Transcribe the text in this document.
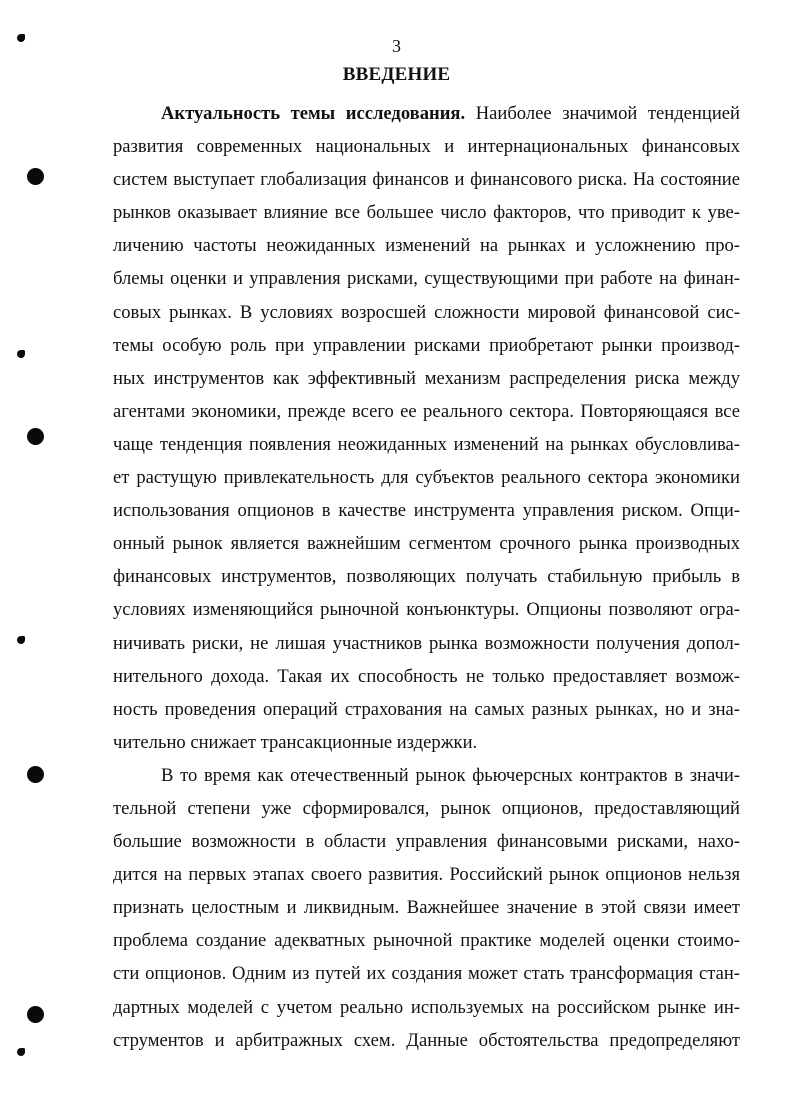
3

ВВЕДЕНИЕ
Актуальность темы исследования. Наиболее значимой тенденцией
развития современных национальных и интернациональных финансовых
систем выступает глобализация финансов и финансового риска. На состояние
рынков оказывает влияние все большее число факторов, что приводит к уве-
личению частоты неожиданных изменений на рынках и усложнению про-
блемы оценки и управления рисками, существующими при работе на финан-
совых рынках. В условиях возросшей сложности мировой финансовой сис-
темы особую роль при управлении рисками приобретают рынки производ-
ных инструментов как эффективный механизм распределения риска между
агентами экономики, прежде всего ее реального сектора. Повторяющаяся все
чаще тенденция появления неожиданных изменений на рынках обусловлива-
ет растущую привлекательность для субъектов реального сектора экономики
использования опционов в качестве инструмента управления риском. Опци-
онный рынок является важнейшим сегментом срочного рынка производных
финансовых инструментов, позволяющих получать стабильную прибыль в
условиях изменяющийся рыночной конъюнктуры. Опционы позволяют огра-
ничивать риски, не лишая участников рынка возможности получения допол-
нительного дохода. Такая их способность не только предоставляет возмож-
ность проведения операций страхования на самых разных рынках, но и зна-
чительно снижает трансакционные издержки.
В то время как отечественный рынок фьючерсных контрактов в значи-
тельной степени уже сформировался, рынок опционов, предоставляющий
большие возможности в области управления финансовыми рисками, нахо-
дится на первых этапах своего развития. Российский рынок опционов нельзя
признать целостным и ликвидным. Важнейшее значение в этой связи имеет
проблема создание адекватных рыночной практике моделей оценки стоимо-
сти опционов. Одним из путей их создания может стать трансформация стан-
дартных моделей с учетом реально используемых на российском рынке ин-
струментов и арбитражных схем. Данные обстоятельства предопределяют
